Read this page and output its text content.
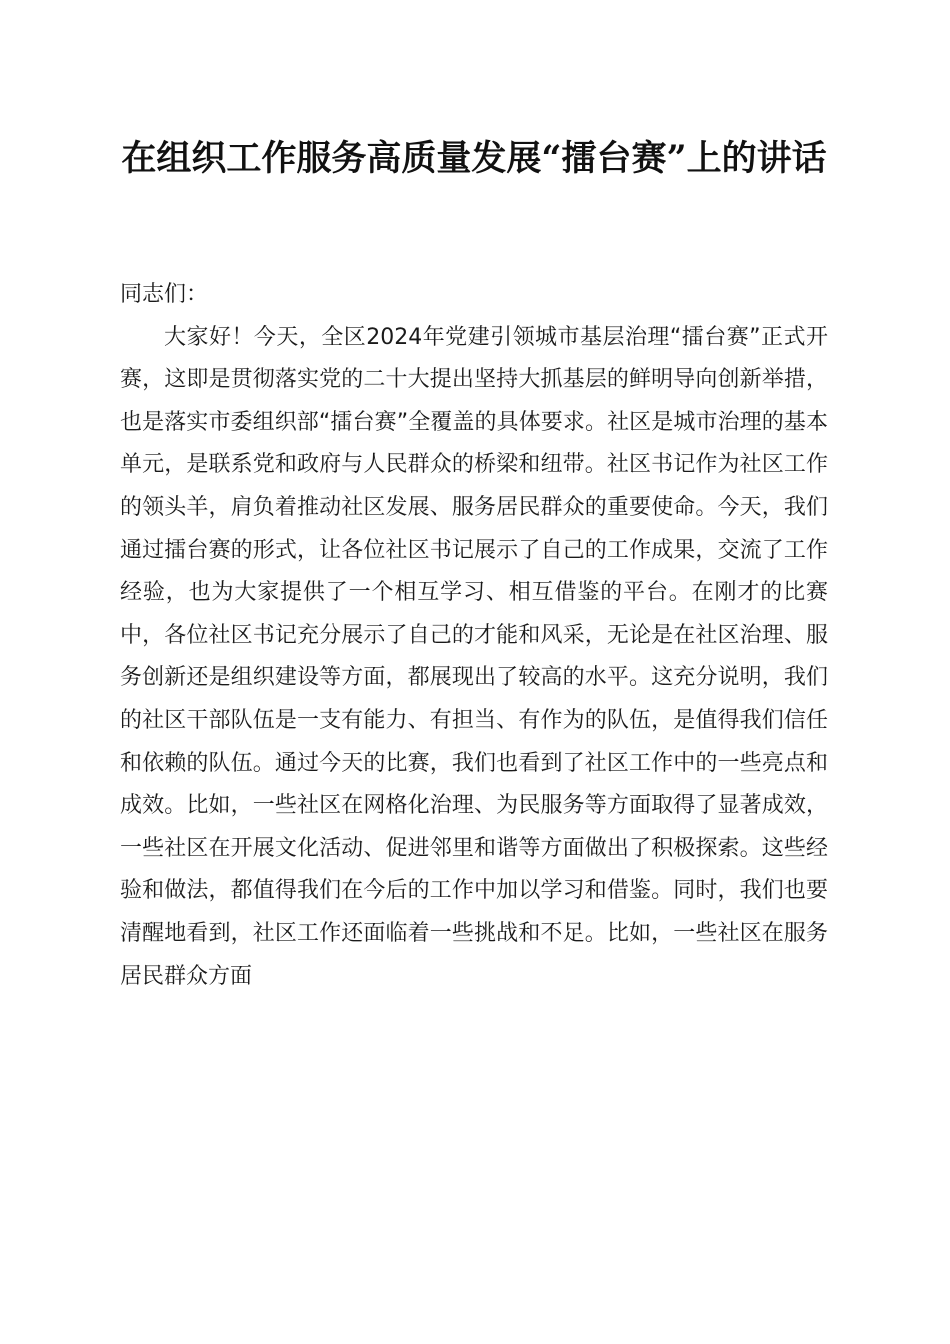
在组织工作服务高质量发展“擂台赛”上的讲话

同志们：

大家好！今天，全区2024年党建引领城市基层治理“擂台赛”正式开赛，这即是贯彻落实党的二十大提出坚持大抓基层的鲜明导向创新举措，也是落实市委组织部“擂台赛”全覆盖的具体要求。社区是城市治理的基本单元，是联系党和政府与人民群众的桥梁和纽带。社区书记作为社区工作的领头羊，肩负着推动社区发展、服务居民群众的重要使命。今天，我们通过擂台赛的形式，让各位社区书记展示了自己的工作成果，交流了工作经验，也为大家提供了一个相互学习、相互借鉴的平台。在刚才的比赛中，各位社区书记充分展示了自己的才能和风采，无论是在社区治理、服务创新还是组织建设等方面，都展现出了较高的水平。这充分说明，我们的社区干部队伍是一支有能力、有担当、有作为的队伍，是值得我们信任和依赖的队伍。通过今天的比赛，我们也看到了社区工作中的一些亮点和成效。比如，一些社区在网格化治理、为民服务等方面取得了显著成效，一些社区在开展文化活动、促进邻里和谐等方面做出了积极探索。这些经验和做法，都值得我们在今后的工作中加以学习和借鉴。同时，我们也要清醒地看到，社区工作还面临着一些挑战和不足。比如，一些社区在服务居民群众方面
